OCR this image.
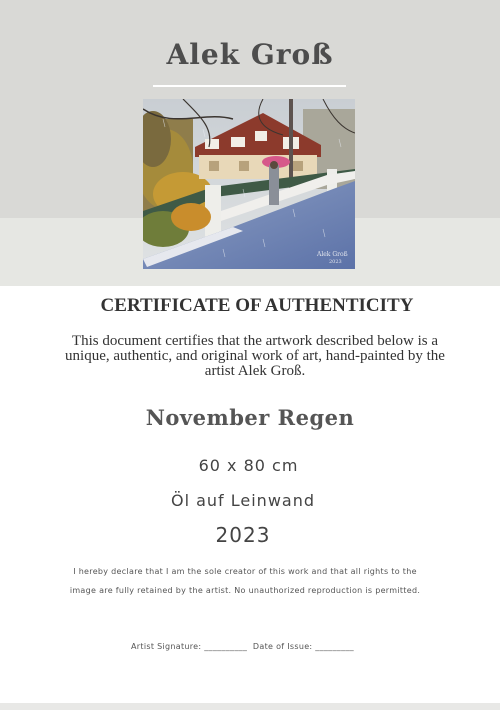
Alek Groß
Alek Groß
2023
CERTIFICATE OF AUTHENTICITY
This document certifies that the artwork described below is a unique, authentic, and original work of art, hand-painted by the artist Alek Groß.
November Regen
60 x 80 cm
Öl auf Leinwand
2023
I hereby declare that I am the sole creator of this work and that all rights to the
image are fully retained by the artist. No unauthorized reproduction is permitted.
Artist Signature: __________ Date of Issue: _________
